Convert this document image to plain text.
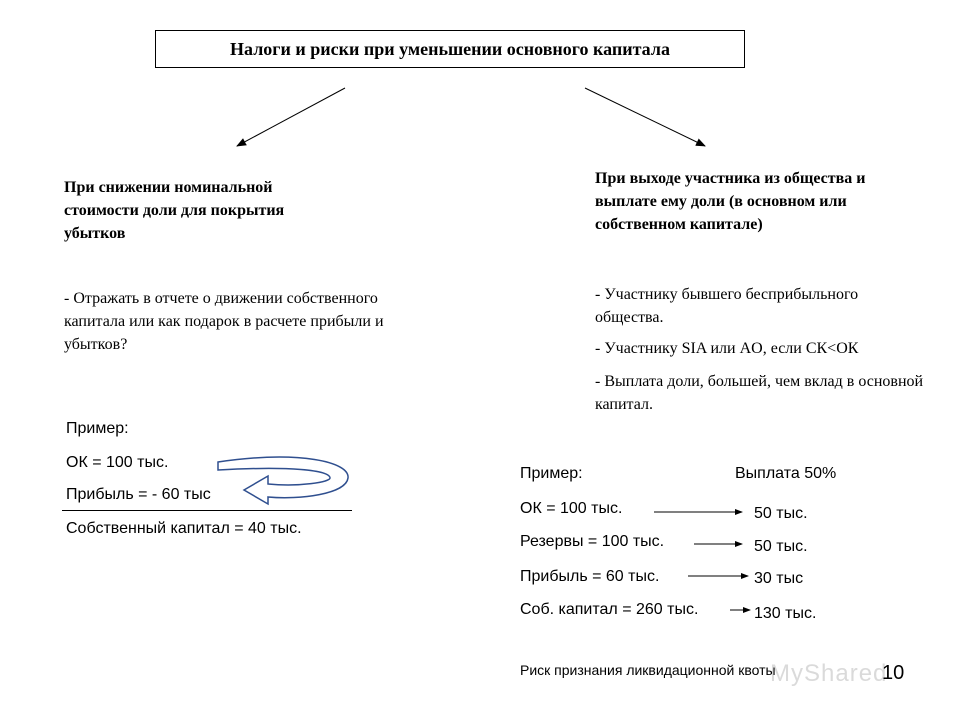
Налоги и риски при уменьшении основного капитала
При снижении номинальной стоимости доли для покрытия убытков
- Отражать в отчете о движении собственного капитала или как подарок в расчете прибыли и убытков?
Пример:
ОК = 100 тыс.
Прибыль = - 60 тыс
Собственный капитал = 40 тыс.
При выходе участника из общества и выплате ему доли (в основном или собственном капитале)
- Участнику бывшего бесприбыльного общества.
- Участнику SIA или AO, если СК<ОК
- Выплата доли, большей, чем вклад в основной капитал.
Пример:	Выплата 50%
ОК = 100 тыс.	50 тыс.
Резервы = 100 тыс.	50 тыс.
Прибыль = 60 тыс.	30 тыс
Соб. капитал = 260 тыс.	130 тыс.
Риск признания ликвидационной квоты
MyShared
10
